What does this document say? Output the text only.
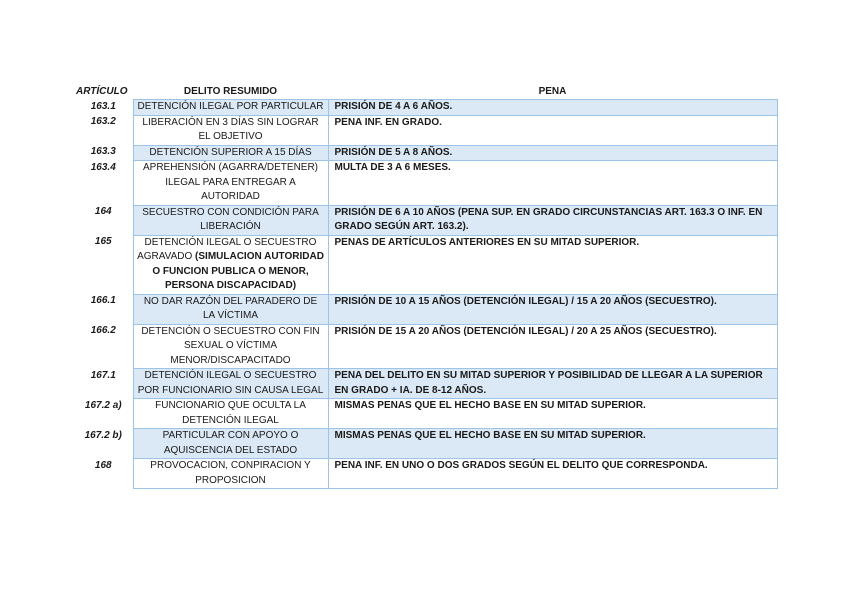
ARTÍCULO	DELITO RESUMIDO	PENA
163.1	DETENCIÓN ILEGAL POR PARTICULAR	PRISIÓN DE 4 A 6 AÑOS.
163.2	LIBERACIÓN EN 3 DÍAS SIN LOGRAR EL OBJETIVO	PENA INF. EN GRADO.
163.3	DETENCIÓN SUPERIOR A 15 DÍAS	PRISIÓN DE 5 A 8 AÑOS.
163.4	APREHENSIÓN (AGARRA/DETENER) ILEGAL PARA ENTREGAR A AUTORIDAD	MULTA DE 3 A 6 MESES.
164	SECUESTRO CON CONDICIÓN PARA LIBERACIÓN	PRISIÓN DE 6 A 10 AÑOS (PENA SUP. EN GRADO CIRCUNSTANCIAS ART. 163.3 O INF. EN GRADO SEGÚN ART. 163.2).
165	DETENCIÓN ILEGAL O SECUESTRO AGRAVADO (SIMULACION AUTORIDAD O FUNCION PUBLICA O MENOR, PERSONA DISCAPACIDAD)	PENAS DE ARTÍCULOS ANTERIORES EN SU MITAD SUPERIOR.
166.1	NO DAR RAZÓN DEL PARADERO DE LA VÍCTIMA	PRISIÓN DE 10 A 15 AÑOS (DETENCIÓN ILEGAL) / 15 A 20 AÑOS (SECUESTRO).
166.2	DETENCIÓN O SECUESTRO CON FIN SEXUAL O VÍCTIMA MENOR/DISCAPACITADO	PRISIÓN DE 15 A 20 AÑOS (DETENCIÓN ILEGAL) / 20 A 25 AÑOS (SECUESTRO).
167.1	DETENCIÓN ILEGAL O SECUESTRO POR FUNCIONARIO SIN CAUSA LEGAL	PENA DEL DELITO EN SU MITAD SUPERIOR Y POSIBILIDAD DE LLEGAR A LA SUPERIOR EN GRADO + IA. DE 8-12 AÑOS.
167.2 a)	FUNCIONARIO QUE OCULTA LA DETENCIÓN ILEGAL	MISMAS PENAS QUE EL HECHO BASE EN SU MITAD SUPERIOR.
167.2 b)	PARTICULAR CON APOYO O AQUISCENCIA DEL ESTADO	MISMAS PENAS QUE EL HECHO BASE EN SU MITAD SUPERIOR.
168	PROVOCACION, CONPIRACION Y PROPOSICION	PENA INF. EN UNO O DOS GRADOS SEGÚN EL DELITO QUE CORRESPONDA.
